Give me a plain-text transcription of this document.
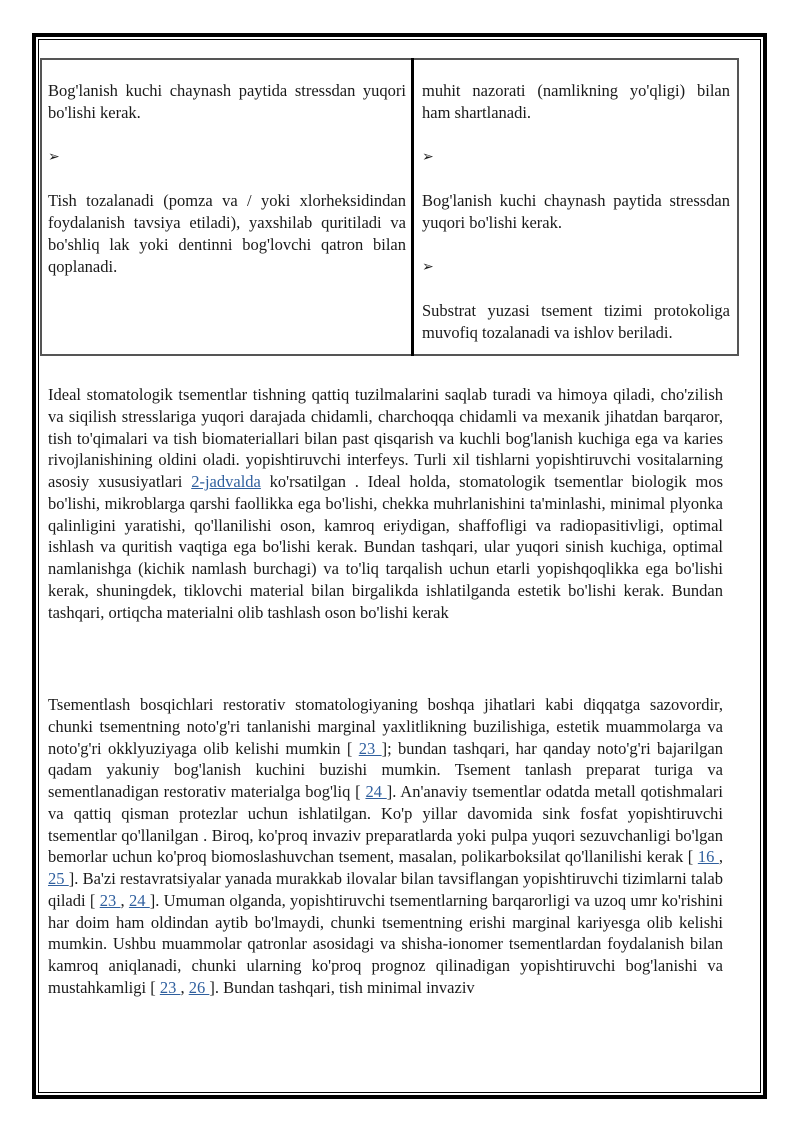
Bog'lanish kuchi chaynash paytida stressdan yuqori bo'lishi kerak.

➢

Tish tozalanadi (pomza va / yoki xlorheksidindan foydalanish tavsiya etiladi), yaxshilab quritiladi va bo'shliq lak yoki dentinni bog'lovchi qatron bilan qoplanadi.

muhit nazorati (namlikning yo'qligi) bilan ham shartlanadi.

➢

Bog'lanish kuchi chaynash paytida stressdan yuqori bo'lishi kerak.

➢

Substrat yuzasi tsement tizimi protokoliga muvofiq tozalanadi va ishlov beriladi.

Ideal stomatologik tsementlar tishning qattiq tuzilmalarini saqlab turadi va himoya qiladi, cho'zilish va siqilish stresslariga yuqori darajada chidamli, charchoqqa chidamli va mexanik jihatdan barqaror, tish to'qimalari va tish biomateriallari bilan past qisqarish va kuchli bog'lanish kuchiga ega va karies rivojlanishining oldini oladi. yopishtiruvchi interfeys. Turli xil tishlarni yopishtiruvchi vositalarning asosiy xususiyatlari 2-jadvalda ko'rsatilgan . Ideal holda, stomatologik tsementlar biologik mos bo'lishi, mikroblarga qarshi faollikka ega bo'lishi, chekka muhrlanishini ta'minlashi, minimal plyonka qalinligini yaratishi, qo'llanilishi oson, kamroq eriydigan, shaffofligi va radiopasitivligi, optimal ishlash va quritish vaqtiga ega bo'lishi kerak. Bundan tashqari, ular yuqori sinish kuchiga, optimal namlanishga (kichik namlash burchagi) va to'liq tarqalish uchun etarli yopishqoqlikka ega bo'lishi kerak, shuningdek, tiklovchi material bilan birgalikda ishlatilganda estetik bo'lishi kerak. Bundan tashqari, ortiqcha materialni olib tashlash oson bo'lishi kerak

Tsementlash bosqichlari restorativ stomatologiyaning boshqa jihatlari kabi diqqatga sazovordir, chunki tsementning noto'g'ri tanlanishi marginal yaxlitlikning buzilishiga, estetik muammolarga va noto'g'ri okklyuziyaga olib kelishi mumkin [ 23 ]; bundan tashqari, har qanday noto'g'ri bajarilgan qadam yakuniy bog'lanish kuchini buzishi mumkin. Tsement tanlash preparat turiga va sementlanadigan restorativ materialga bog'liq [ 24 ]. An'anaviy tsementlar odatda metall qotishmalari va qattiq qisman protezlar uchun ishlatilgan. Ko'p yillar davomida sink fosfat yopishtiruvchi tsementlar qo'llanilgan . Biroq, ko'proq invaziv preparatlarda yoki pulpa yuqori sezuvchanligi bo'lgan bemorlar uchun ko'proq biomoslashuvchan tsement, masalan, polikarboksilat qo'llanilishi kerak [ 16 , 25 ]. Ba'zi restavratsiyalar yanada murakkab ilovalar bilan tavsiflangan yopishtiruvchi tizimlarni talab qiladi [ 23 , 24 ]. Umuman olganda, yopishtiruvchi tsementlarning barqarorligi va uzoq umr ko'rishini har doim ham oldindan aytib bo'lmaydi, chunki tsementning erishi marginal kariyesga olib kelishi mumkin. Ushbu muammolar qatronlar asosidagi va shisha-ionomer tsementlardan foydalanish bilan kamroq aniqlanadi, chunki ularning ko'proq prognoz qilinadigan yopishtiruvchi bog'lanishi va mustahkamligi [ 23 , 26 ]. Bundan tashqari, tish minimal invaziv
